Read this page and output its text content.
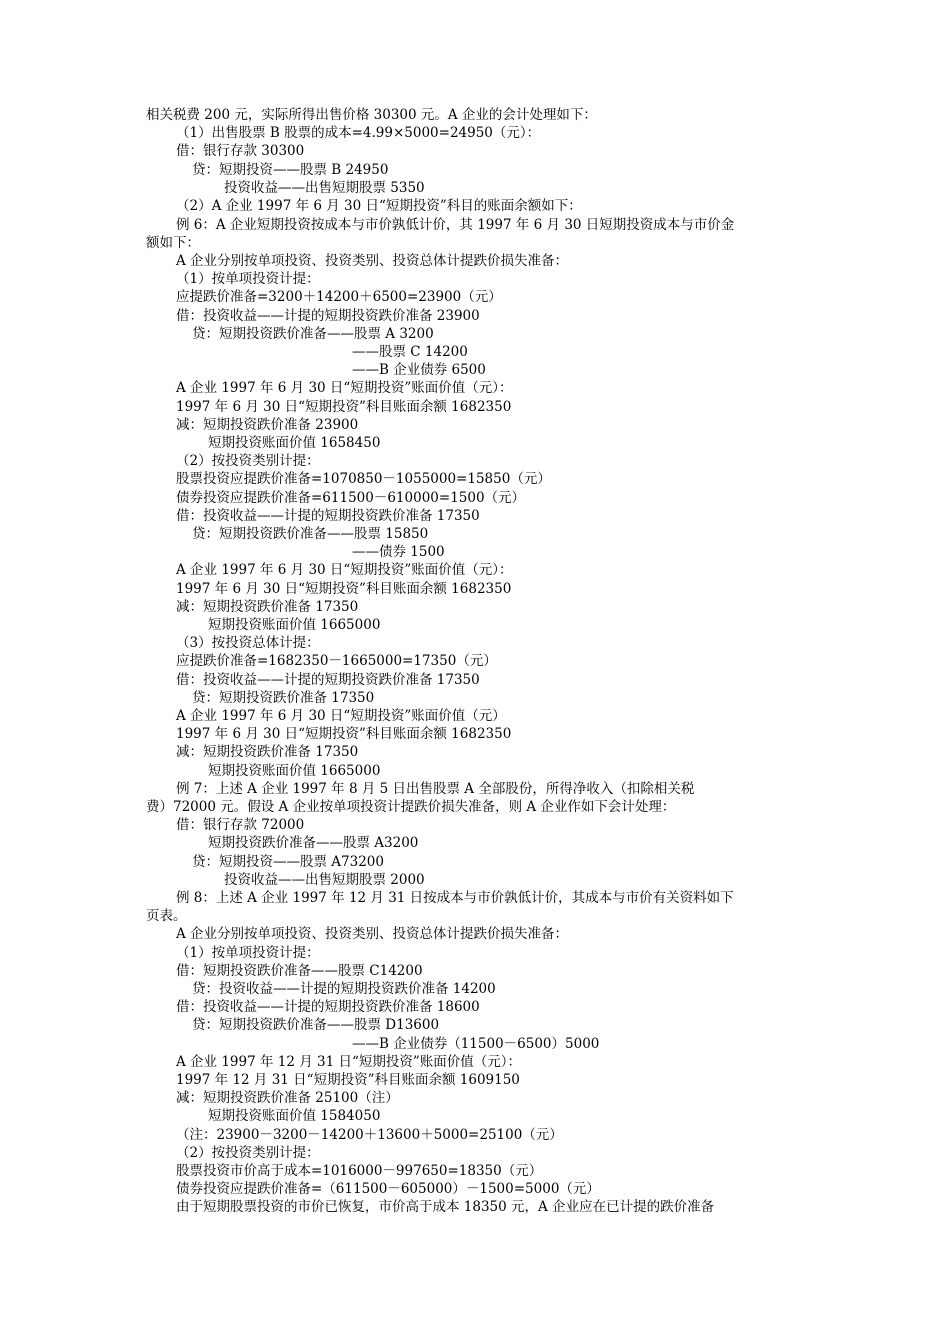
相关税费 200 元，实际所得出售价格 30300 元。A 企业的会计处理如下：
（1）出售股票 B 股票的成本=4.99×5000=24950（元）：
借：银行存款 30300
贷：短期投资——股票 B 24950
投资收益——出售短期股票 5350
（2）A 企业 1997 年 6 月 30 日“短期投资”科目的账面余额如下：
例 6：A 企业短期投资按成本与市价孰低计价，其 1997 年 6 月 30 日短期投资成本与市价金
额如下：
A 企业分别按单项投资、投资类别、投资总体计提跌价损失准备：
（1）按单项投资计提：
应提跌价准备=3200＋14200＋6500=23900（元）
借：投资收益——计提的短期投资跌价准备 23900
贷：短期投资跌价准备——股票 A 3200
——股票 C 14200
——B 企业债券 6500
A 企业 1997 年 6 月 30 日“短期投资”账面价值（元）：
1997 年 6 月 30 日“短期投资”科目账面余额 1682350
减：短期投资跌价准备 23900
短期投资账面价值 1658450
（2）按投资类别计提：
股票投资应提跌价准备=1070850－1055000=15850（元）
债券投资应提跌价准备=611500－610000=1500（元）
借：投资收益——计提的短期投资跌价准备 17350
贷：短期投资跌价准备——股票 15850
——债券 1500
A 企业 1997 年 6 月 30 日“短期投资”账面价值（元）：
1997 年 6 月 30 日“短期投资”科目账面余额 1682350
减：短期投资跌价准备 17350
短期投资账面价值 1665000
（3）按投资总体计提：
应提跌价准备=1682350－1665000=17350（元）
借：投资收益——计提的短期投资跌价准备 17350
贷：短期投资跌价准备 17350
A 企业 1997 年 6 月 30 日“短期投资”账面价值（元）
1997 年 6 月 30 日“短期投资”科目账面余额 1682350
减：短期投资跌价准备 17350
短期投资账面价值 1665000
例 7：上述 A 企业 1997 年 8 月 5 日出售股票 A 全部股份，所得净收入（扣除相关税
费）72000 元。假设 A 企业按单项投资计提跌价损失准备，则 A 企业作如下会计处理：
借：银行存款 72000
短期投资跌价准备——股票 A3200
贷：短期投资——股票 A73200
投资收益——出售短期股票 2000
例 8：上述 A 企业 1997 年 12 月 31 日按成本与市价孰低计价，其成本与市价有关资料如下
页表。
A 企业分别按单项投资、投资类别、投资总体计提跌价损失准备：
（1）按单项投资计提：
借：短期投资跌价准备——股票 C14200
贷：投资收益——计提的短期投资跌价准备 14200
借：投资收益——计提的短期投资跌价准备 18600
贷：短期投资跌价准备——股票 D13600
——B 企业债券（11500－6500）5000
A 企业 1997 年 12 月 31 日“短期投资”账面价值（元）：
1997 年 12 月 31 日“短期投资”科目账面余额 1609150
减：短期投资跌价准备 25100（注）
短期投资账面价值 1584050
（注：23900－3200－14200＋13600＋5000=25100（元）
（2）按投资类别计提：
股票投资市价高于成本=1016000－997650=18350（元）
债券投资应提跌价准备=（611500－605000）－1500=5000（元）
由于短期股票投资的市价已恢复，市价高于成本 18350 元，A 企业应在已计提的跌价准备
